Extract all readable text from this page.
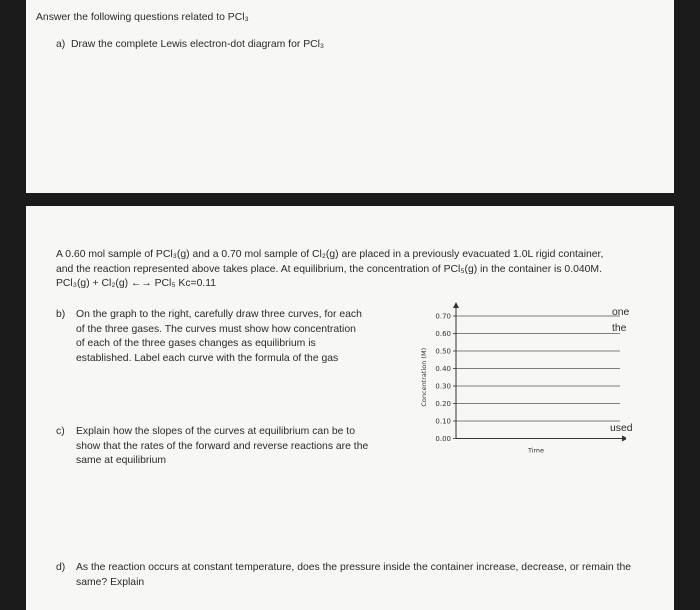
Answer the following questions related to PCl₃
a) Draw the complete Lewis electron-dot diagram for PCl₃
A 0.60 mol sample of PCl₃(g) and a 0.70 mol sample of Cl₂(g) are placed in a previously evacuated 1.0L rigid container, and the reaction represented above takes place. At equilibrium, the concentration of PCl₅(g) in the container is 0.040M. PCl₃(g) + Cl₂(g) ←→ PCl₅ Kc=0.11
b) On the graph to the right, carefully draw three curves, for each of the three gases. The curves must show how concentration of each of the three gases changes as equilibrium is established. Label each curve with the formula of the gas
c) Explain how the slopes of the curves at equilibrium can be to show that the rates of the forward and reverse reactions are the same at equilibrium
d) As the reaction occurs at constant temperature, does the pressure inside the container increase, decrease, or remain the same? Explain
one
the
used
0.70
0.60
0.50
0.40
0.30
0.20
0.10
0.00
Concentration (M)
Time
